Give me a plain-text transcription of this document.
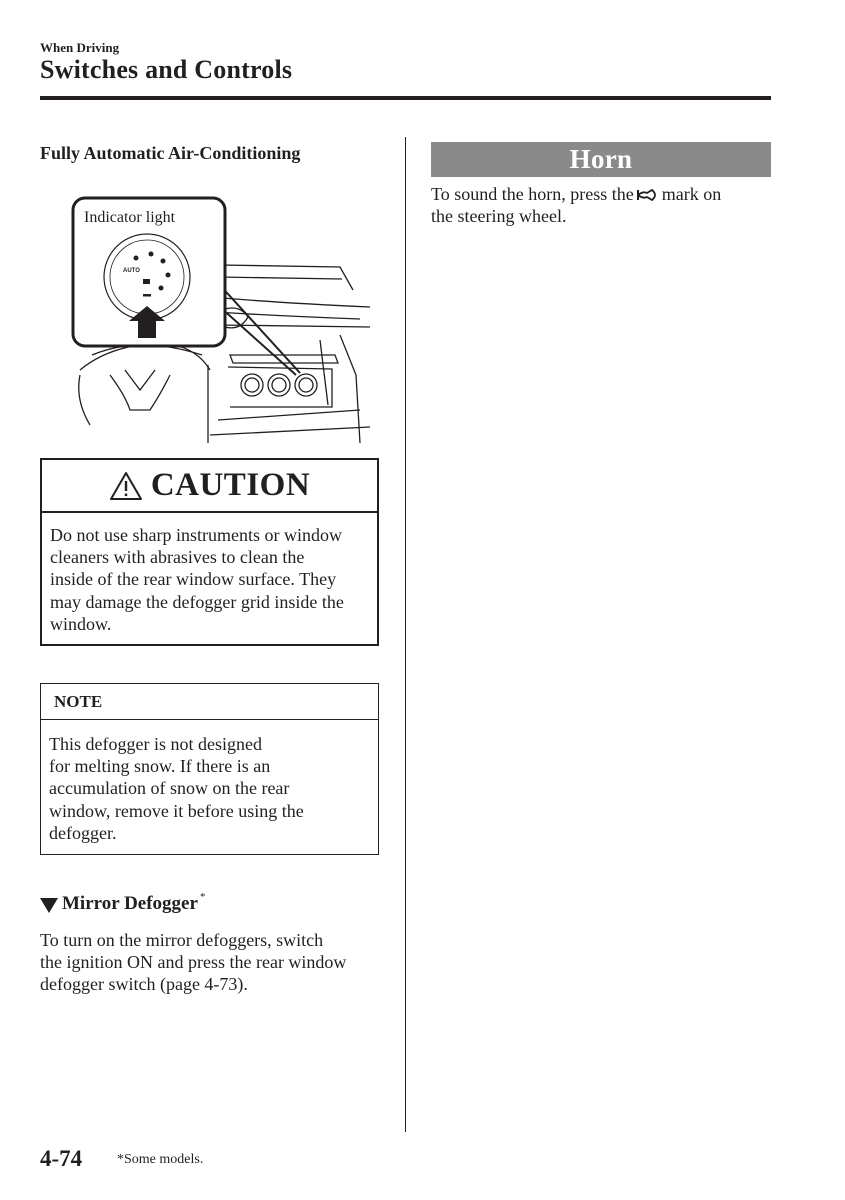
When Driving
Switches and Controls
Fully Automatic Air-Conditioning
Indicator light
AUTO
CAUTION
Do not use sharp instruments or window
cleaners with abrasives to clean the
inside of the rear window surface. They
may damage the defogger grid inside the
window.
NOTE
This defogger is not designed
for melting snow. If there is an
accumulation of snow on the rear
window, remove it before using the
defogger.
Mirror Defogger *
To turn on the mirror defoggers, switch
the ignition ON and press the rear window
defogger switch (page 4-73).
Horn
To sound the horn, press the mark on
the steering wheel.
4-74 *Some models.
